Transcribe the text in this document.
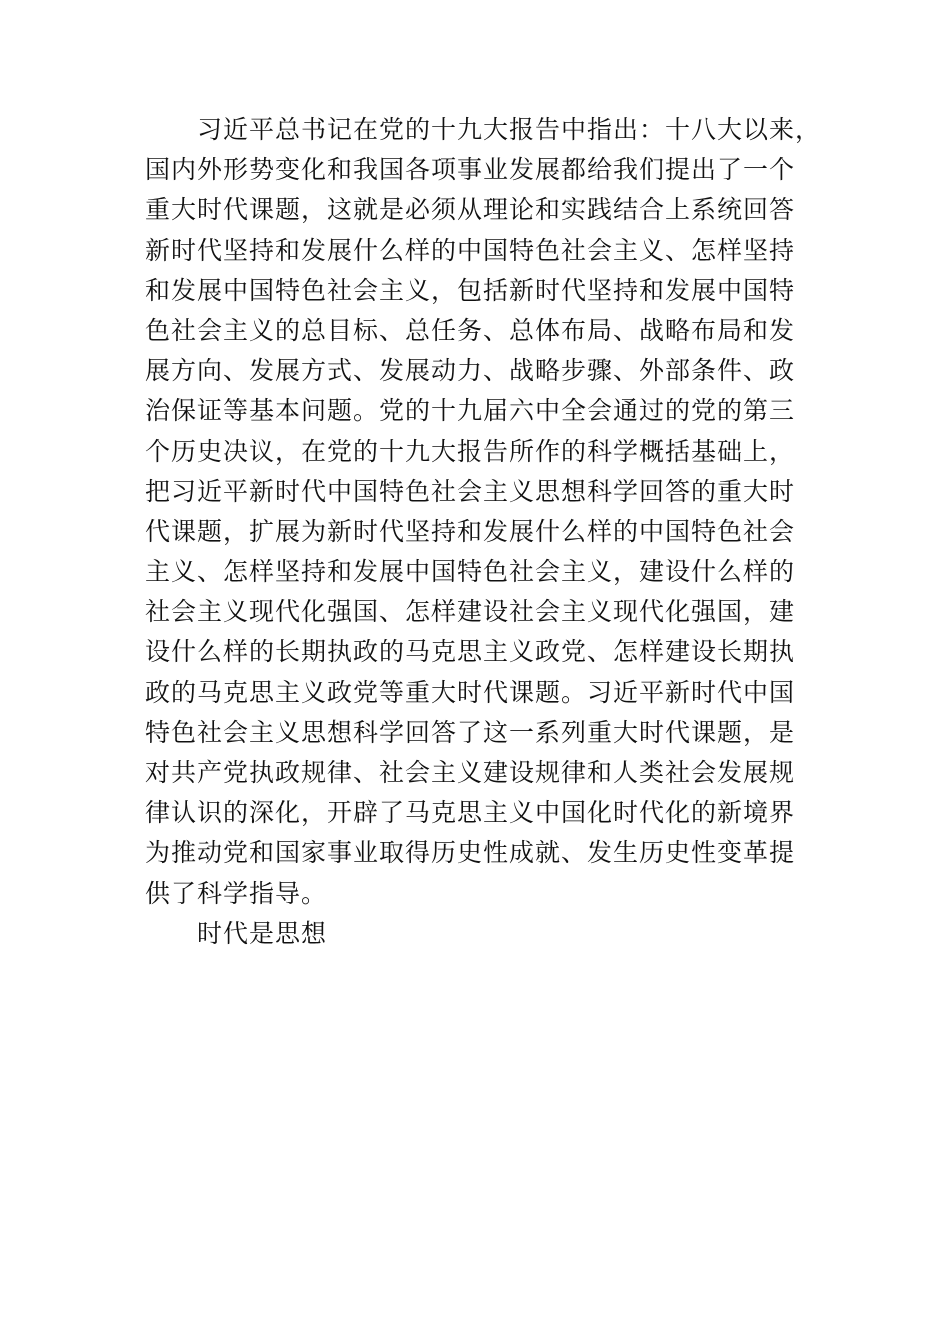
习近平总书记在党的十九大报告中指出：十八大以来，
国内外形势变化和我国各项事业发展都给我们提出了一个
重大时代课题，这就是必须从理论和实践结合上系统回答
新时代坚持和发展什么样的中国特色社会主义、怎样坚持
和发展中国特色社会主义，包括新时代坚持和发展中国特
色社会主义的总目标、总任务、总体布局、战略布局和发
展方向、发展方式、发展动力、战略步骤、外部条件、政
治保证等基本问题。党的十九届六中全会通过的党的第三
个历史决议，在党的十九大报告所作的科学概括基础上，
把习近平新时代中国特色社会主义思想科学回答的重大时
代课题，扩展为新时代坚持和发展什么样的中国特色社会
主义、怎样坚持和发展中国特色社会主义，建设什么样的
社会主义现代化强国、怎样建设社会主义现代化强国，建
设什么样的长期执政的马克思主义政党、怎样建设长期执
政的马克思主义政党等重大时代课题。习近平新时代中国
特色社会主义思想科学回答了这一系列重大时代课题，是
对共产党执政规律、社会主义建设规律和人类社会发展规
律认识的深化，开辟了马克思主义中国化时代化的新境界
为推动党和国家事业取得历史性成就、发生历史性变革提
供了科学指导。
时代是思想
